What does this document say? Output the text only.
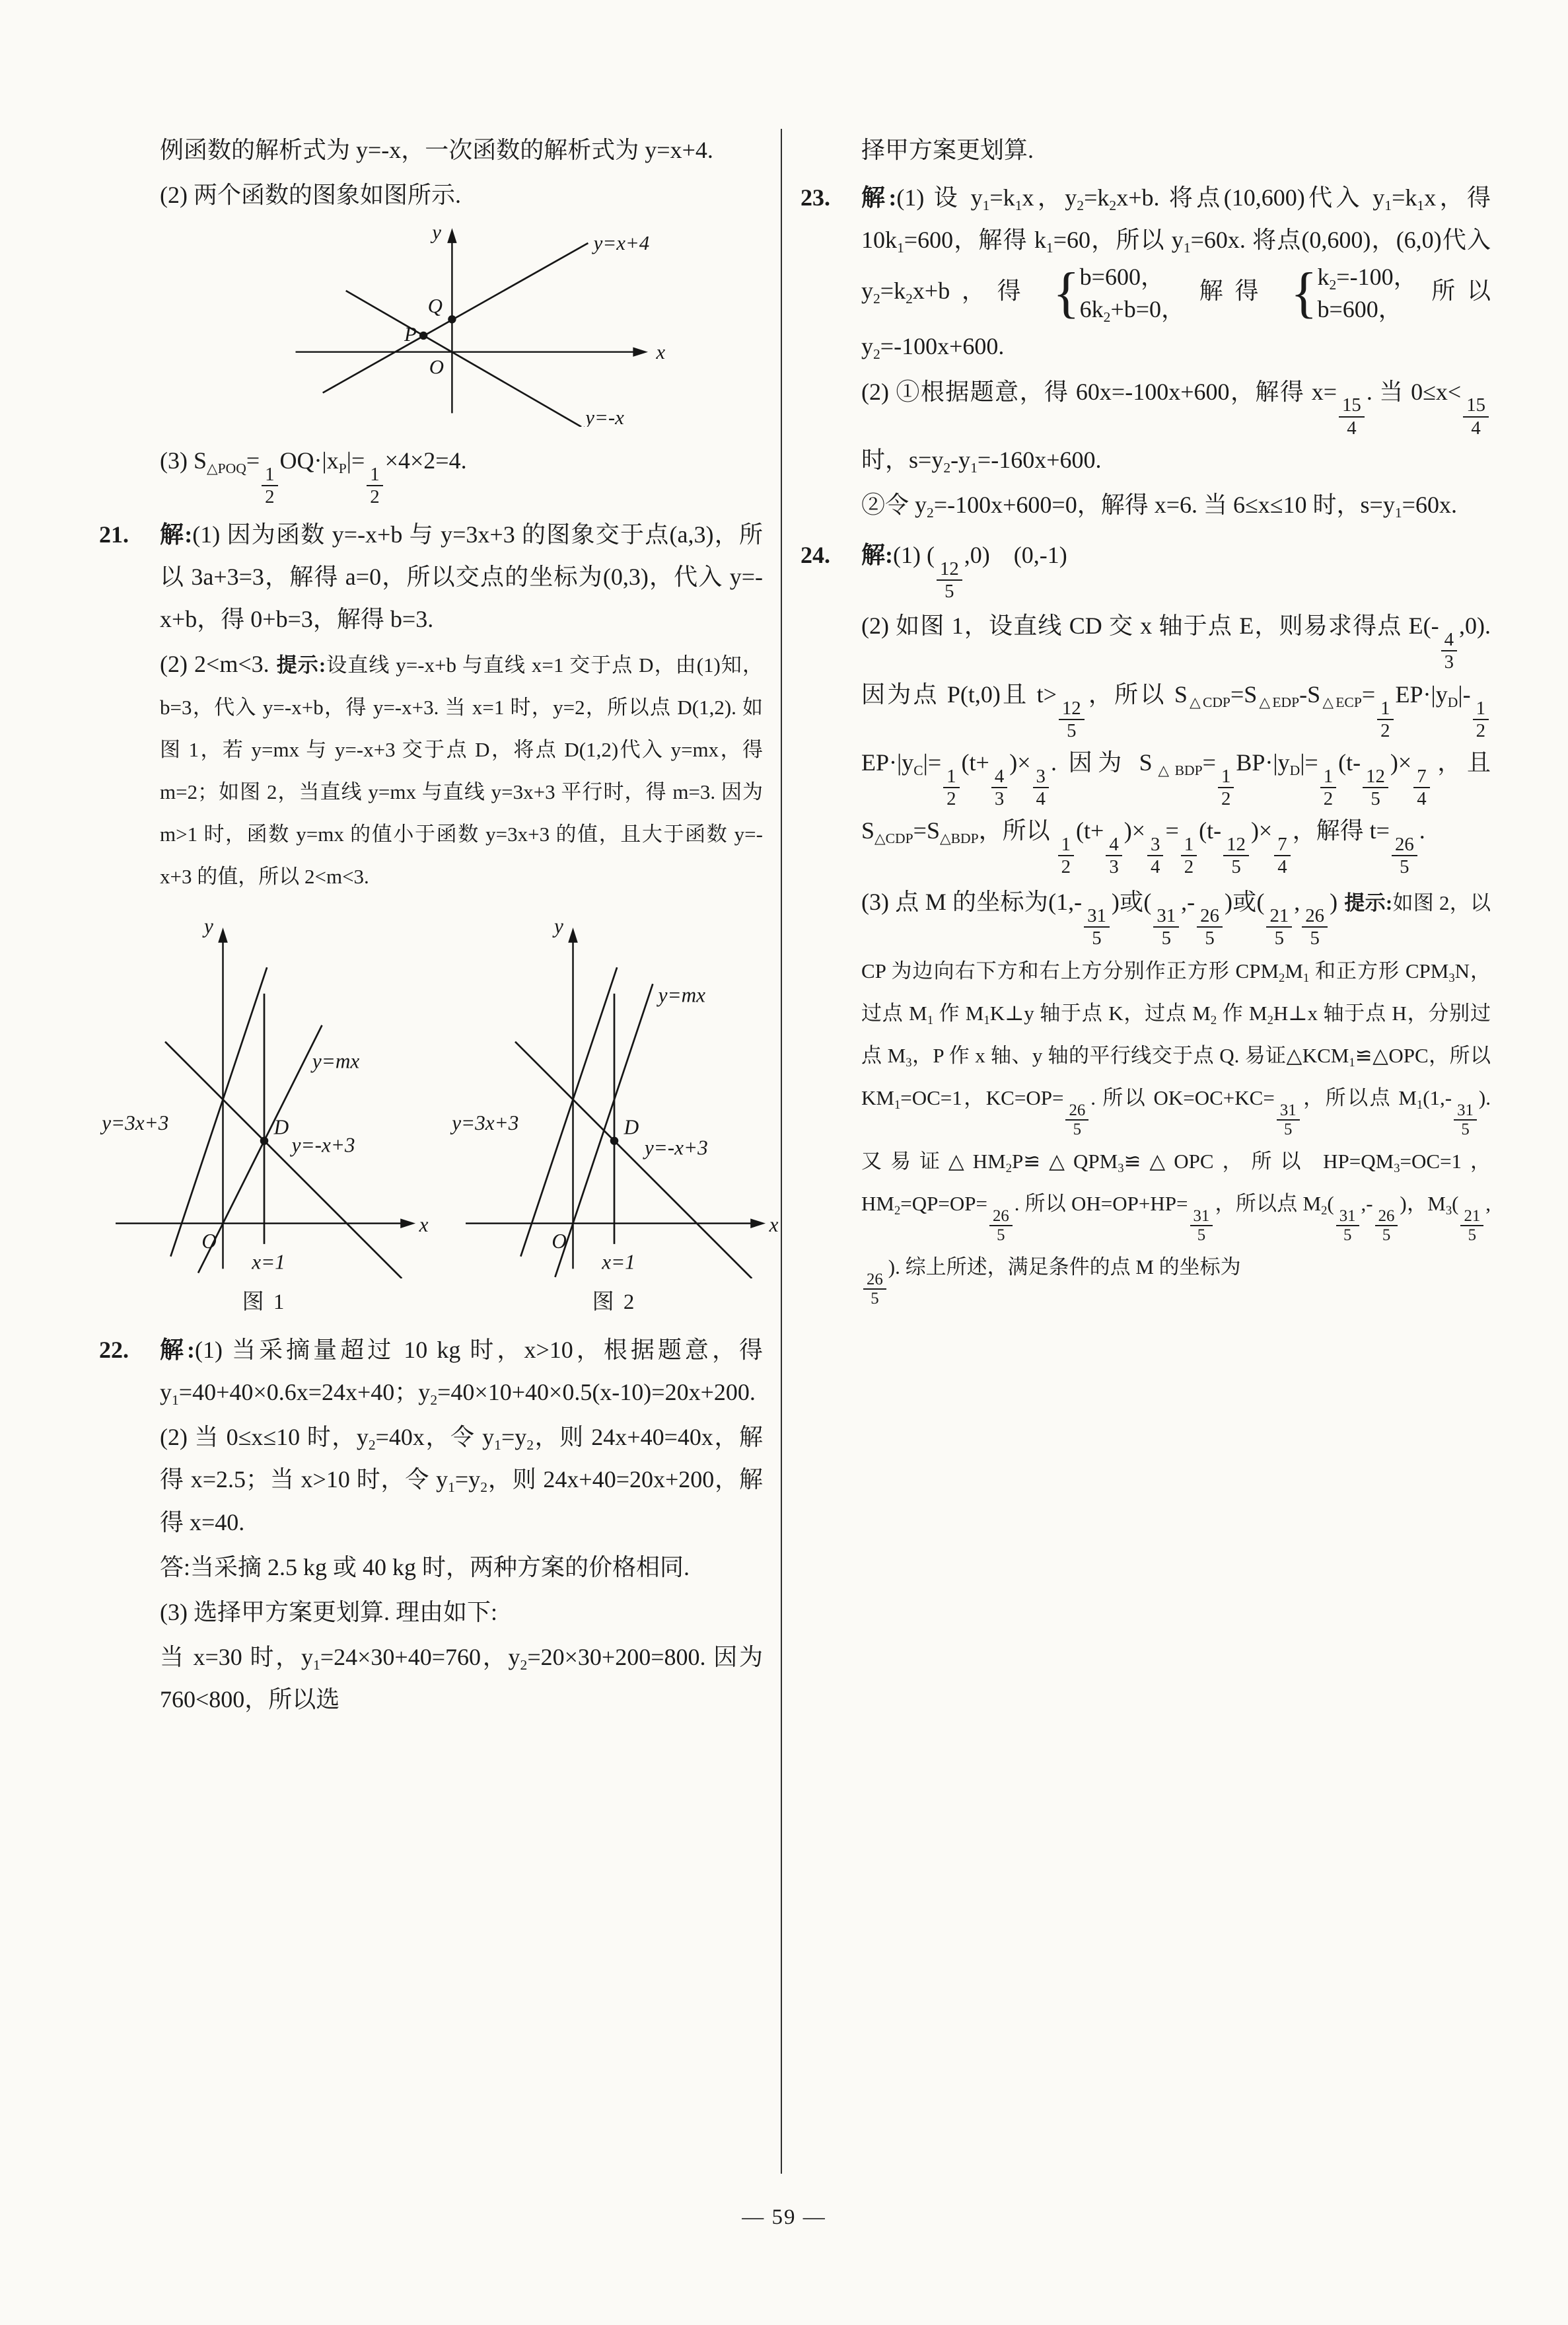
例函数的解析式为 y=-x，一次函数的解析式为 y=x+4.

(2) 两个函数的图象如图所示.

y
x
O
Q
P
y=x+4
y=-x

(3) $S_{\triangle POQ}=$
$\frac{1}{2}$
$OQ\cdot|x_P|=$
$\frac{1}{2}$
×4×2=4.

21.	解:(1) 因为函数 y=-x+b 与 y=3x+3 的图象交于点(a,3)，所以 3a+3=3，解得 a=0，所以交点的坐标为(0,3)，代入 y=-x+b，得 0+b=3，解得 b=3.

(2) 2<m<3. 提示:设直线 y=-x+b 与直线 x=1 交于点 D，由(1)知，b=3，代入 y=-x+b，得 y=-x+3. 当 x=1 时，y=2，所以点 D(1,2). 如图 1，若 y=mx 与 y=-x+3 交于点 D，将点 D(1,2)代入 y=mx，得 m=2；如图 2，当直线 y=mx 与直线 y=3x+3 平行时，得 m=3. 因为 m>1 时，函数 y=mx 的值小于函数 y=3x+3 的值，且大于函数 y=-x+3 的值，所以 2<m<3.

y
x
O
D
y=3x+3
y=mx
y=-x+3
x=1
图 1
y
x
O
D
y=3x+3
y=mx
y=-x+3
x=1
图 2
22.	解:(1) 当采摘量超过 10 kg 时，x>10，根据题意，得 $y_1=40+40\times 0.6x=24x+40$；$y_2=40\times 10+40\times 0.5(x-10)=20x+200$.

(2) 当 0≤x≤10 时，$y_2=40x$，令 $y_1=y_2$，则 24x+40=40x，解得 x=2.5；当 x>10 时，令 $y_1=y_2$，则 24x+40=20x+200，解得 x=40.

答:当采摘 2.5 kg 或 40 kg 时，两种方案的价格相同.

(3) 选择甲方案更划算. 理由如下:

当 x=30 时，$y_1=24\times 30+40=760$，$y_2=20\times 30+200=800$. 因为 760<800，所以选

择甲方案更划算.

23.	解:(1) 设 $y_1=k_1x$，$y_2=k_2x+b$. 将点(10,600)代入 $y_1=k_1x$，得 $10k_1=600$，解得 $k_1=60$，所以 $y_1=60x$. 将点(0,600)，(6,0)代入 $y_2=k_2x+b$，得 { b=600，
$6k_2+b=0$，
解得 { $k_2=-100$，
b=600，
所以 $y_2=-100x+600$.

(2) ①根据题意，得 60x=-100x+600，解得 x=
$\frac{15}{4}$
. 当 0≤x<
$\frac{15}{4}$
时，$s=y_2-y_1=-160x+600$.

②令 $y_2=-100x+600=0$，解得 x=6. 当 6≤x≤10 时，$s=y_1=60x$.

24.	解:(1) (
$\frac{12}{5}$
,0)　(0,-1)

(2) 如图 1，设直线 CD 交 x 轴于点 E，则易求得点 E(-
$\frac{4}{3}$
,0). 因为点 P(t,0)且 t>
$\frac{12}{5}$
，所以 $S_{\triangle CDP}=S_{\triangle EDP}-S_{\triangle ECP}=$
$\frac{1}{2}$
$EP\cdot|y_D|-$
$\frac{1}{2}$
$EP\cdot|y_C|=$
$\frac{1}{2}$
(t+
$\frac{4}{3}$
)×
$\frac{3}{4}$
. 因为 $S_{\triangle BDP}=$
$\frac{1}{2}$
$BP\cdot|y_D|=$
$\frac{1}{2}$
(t-
$\frac{12}{5}$
)×
$\frac{7}{4}$
，且 $S_{\triangle CDP}=S_{\triangle BDP}$，所以
$\frac{1}{2}$
(t+
$\frac{4}{3}$
)×
$\frac{3}{4}$
=
$\frac{1}{2}$
(t-
$\frac{12}{5}$
)×
$\frac{7}{4}$
，解得 t=
$\frac{26}{5}$
.

(3) 点 M 的坐标为(1,-
$\frac{31}{5}$
)或(
$\frac{31}{5}$
,-
$\frac{26}{5}$
)或(
$\frac{21}{5}$
,
$\frac{26}{5}$
) 提示:如图 2，以 CP 为边向右下方和右上方分别作正方形 $CPM_2M_1$ 和正方形 $CPM_3N$，过点 $M_1$ 作 $M_1K\perp y$ 轴于点 K，过点 $M_2$ 作 $M_2H\perp x$ 轴于点 H，分别过点 $M_3$，P 作 x 轴、y 轴的平行线交于点 Q. 易证$\triangle KCM_1≌\triangle OPC$，所以 $KM_1=OC=1$，KC=OP=
$\frac{26}{5}$
. 所以 OK=OC+KC=
$\frac{31}{5}$
，所以点 $M_1(1,-$
$\frac{31}{5}$
). 又易证$\triangle HM_2P≌\triangle QPM_3≌\triangle OPC$，所以 $HP=QM_3=OC=1$，$HM_2=QP=OP=$
$\frac{26}{5}$
. 所以 OH=OP+HP=
$\frac{31}{5}$
，所以点 $M_2$(
$\frac{31}{5}$
,-
$\frac{26}{5}$
)，$M_3$(
$\frac{21}{5}$
,
$\frac{26}{5}$
). 综上所述，满足条件的点 M 的坐标为

— 59 —
